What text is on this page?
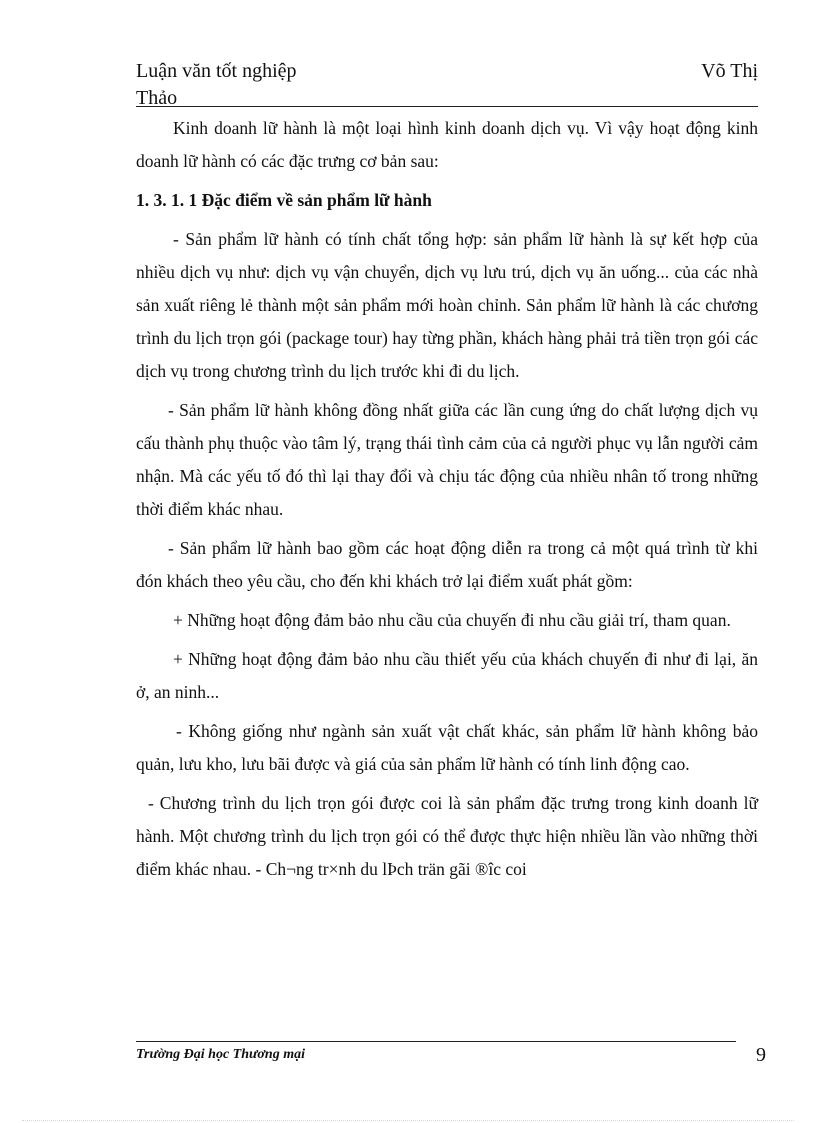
Luận văn tốt nghiệp
Thảo
Võ Thị

Kinh doanh lữ hành là một loại hình kinh doanh dịch vụ. Vì vậy hoạt động kinh doanh lữ hành có các đặc trưng cơ bản sau:

1. 3. 1. 1 Đặc điểm về sản phẩm lữ hành

- Sản phẩm lữ hành có tính chất tổng hợp: sản phẩm lữ hành là sự kết hợp của nhiều dịch vụ như: dịch vụ vận chuyển, dịch vụ lưu trú, dịch vụ ăn uống... của các nhà sản xuất riêng lẻ thành một sản phẩm mới hoàn chỉnh. Sản phẩm lữ hành là các chương trình du lịch trọn gói (package tour) hay từng phần, khách hàng phải trả tiền trọn gói các dịch vụ trong chương trình du lịch trước khi đi du lịch.

- Sản phẩm lữ hành không đồng nhất giữa các lần cung ứng do chất lượng dịch vụ cấu thành phụ thuộc vào tâm lý, trạng thái tình cảm của cả người phục vụ lẫn người cảm nhận. Mà các yếu tố đó thì lại thay đổi và chịu tác động của nhiều nhân tố trong những thời điểm khác nhau.

- Sản phẩm lữ hành bao gồm các hoạt động diễn ra trong cả một quá trình từ khi đón khách theo yêu cầu, cho đến khi khách trở lại điểm xuất phát gồm:

+ Những hoạt động đảm bảo nhu cầu của chuyến đi nhu cầu giải trí, tham quan.

+ Những hoạt động đảm bảo nhu cầu thiết yếu của khách chuyến đi như đi lại, ăn ở, an ninh...

- Không giống như ngành sản xuất vật chất khác, sản phẩm lữ hành không bảo quản, lưu kho, lưu bãi được và giá của sản phẩm lữ hành có tính linh động cao.

- Chương trình du lịch trọn gói được coi là sản phẩm đặc trưng trong kinh doanh lữ hành. Một chương trình du lịch trọn gói có thể được thực hiện nhiều lần vào những thời điểm khác nhau. - Ch¬ng tr×nh du lÞch trän gãi ®îc coi

Trường Đại học Thương mại	9
